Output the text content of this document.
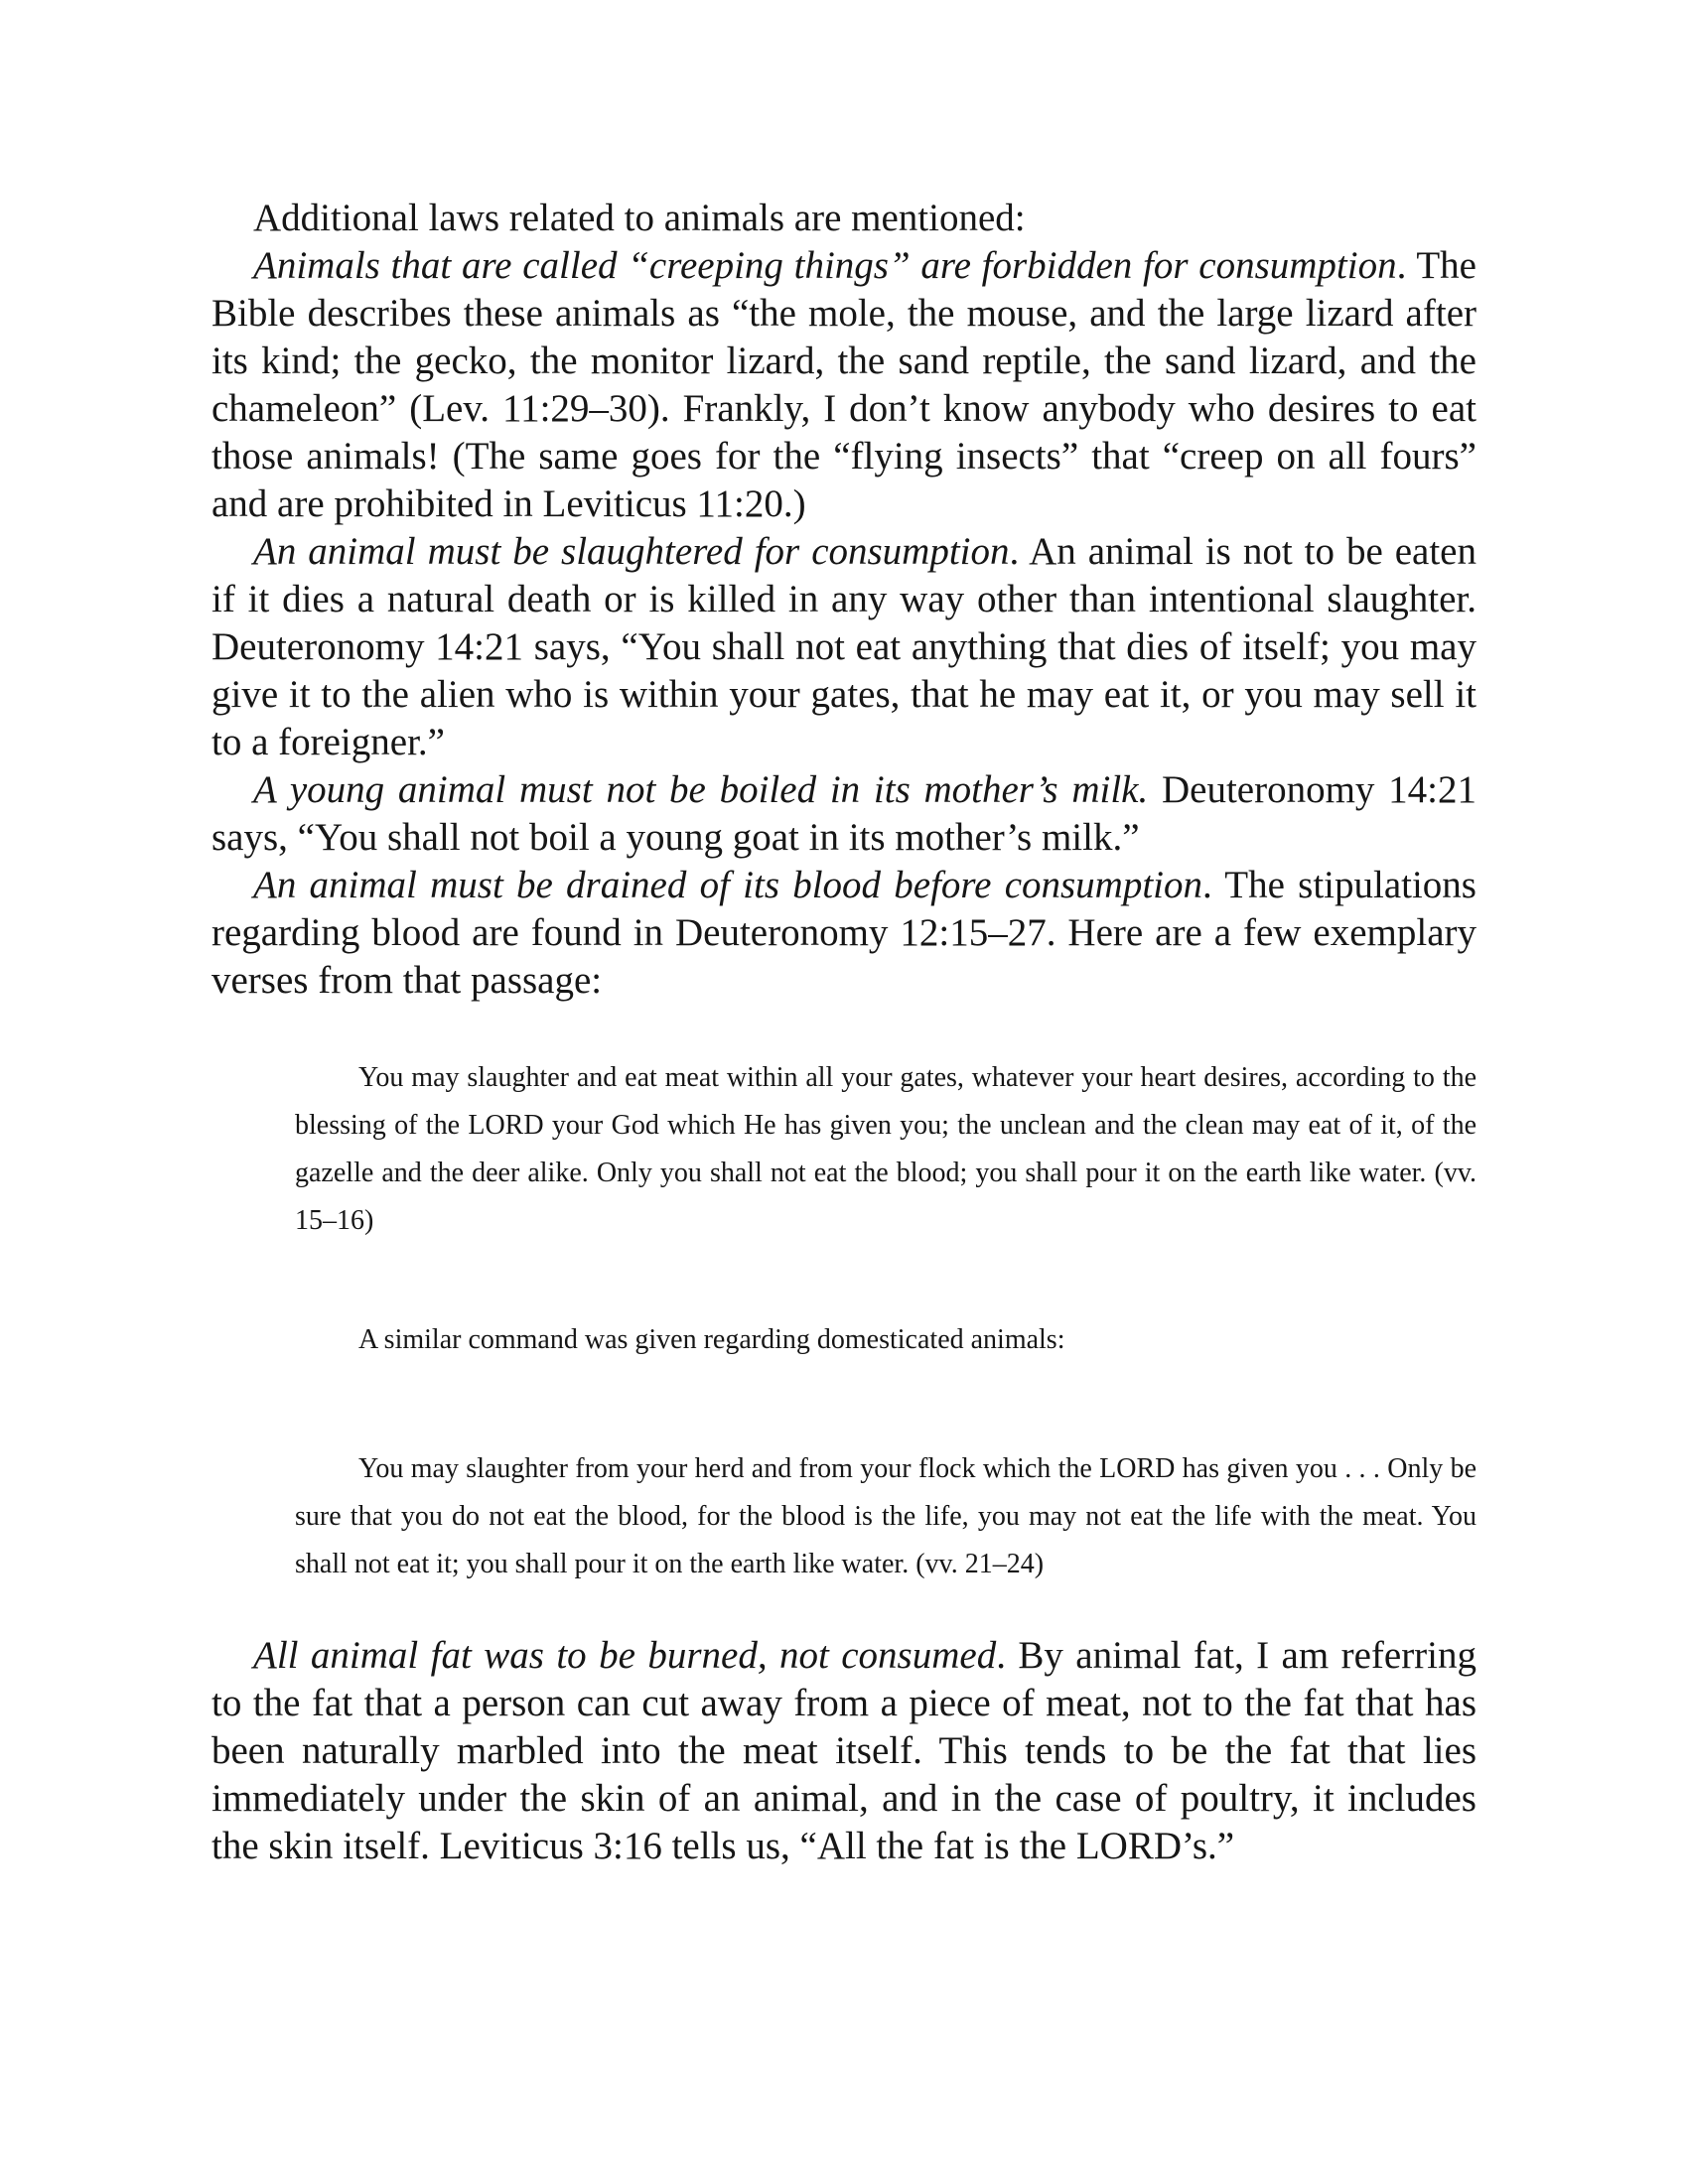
Additional laws related to animals are mentioned:

Animals that are called “creeping things” are forbidden for consumption. The Bible describes these animals as “the mole, the mouse, and the large lizard after its kind; the gecko, the monitor lizard, the sand reptile, the sand lizard, and the chameleon” (Lev. 11:29–30). Frankly, I don’t know anybody who desires to eat those animals! (The same goes for the “flying insects” that “creep on all fours” and are prohibited in Leviticus 11:20.)

An animal must be slaughtered for consumption. An animal is not to be eaten if it dies a natural death or is killed in any way other than intentional slaughter. Deuteronomy 14:21 says, “You shall not eat anything that dies of itself; you may give it to the alien who is within your gates, that he may eat it, or you may sell it to a foreigner.”

A young animal must not be boiled in its mother’s milk. Deuteronomy 14:21 says, “You shall not boil a young goat in its mother’s milk.”

An animal must be drained of its blood before consumption. The stipulations regarding blood are found in Deuteronomy 12:15–27. Here are a few exemplary verses from that passage:

You may slaughter and eat meat within all your gates, whatever your heart desires, according to the blessing of the LORD your God which He has given you; the unclean and the clean may eat of it, of the gazelle and the deer alike. Only you shall not eat the blood; you shall pour it on the earth like water. (vv. 15–16)

A similar command was given regarding domesticated animals:

You may slaughter from your herd and from your flock which the LORD has given you . . . Only be sure that you do not eat the blood, for the blood is the life, you may not eat the life with the meat. You shall not eat it; you shall pour it on the earth like water. (vv. 21–24)

All animal fat was to be burned, not consumed. By animal fat, I am referring to the fat that a person can cut away from a piece of meat, not to the fat that has been naturally marbled into the meat itself. This tends to be the fat that lies immediately under the skin of an animal, and in the case of poultry, it includes the skin itself. Leviticus 3:16 tells us, “All the fat is the LORD’s.”
